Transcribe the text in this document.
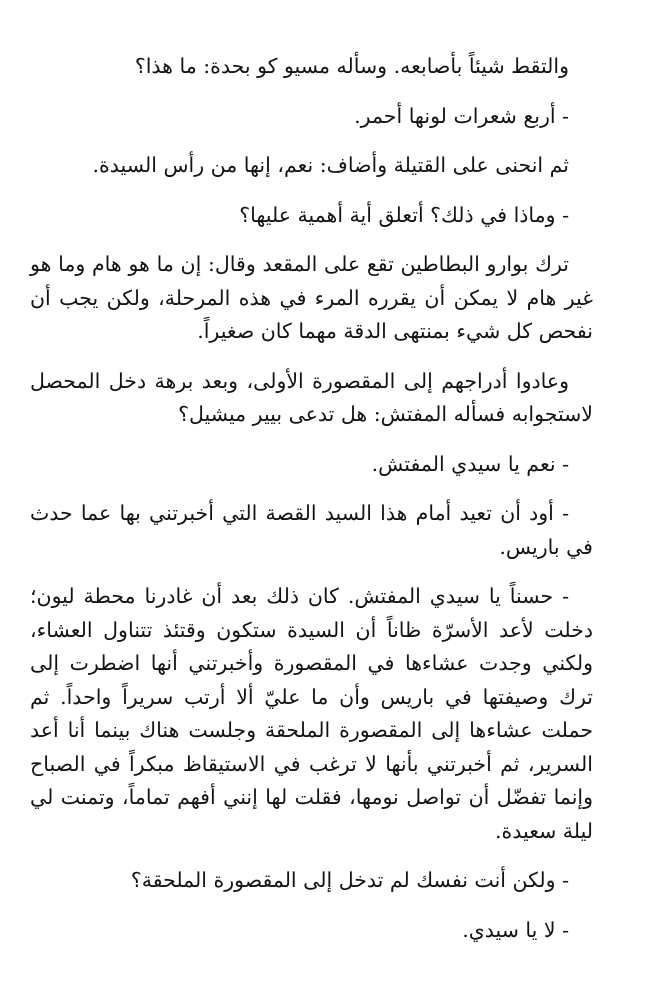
والتقط شيئاً بأصابعه. وسأله مسيو كو بحدة: ما هذا؟

- أربع شعرات لونها أحمر.

ثم انحنى على القتيلة وأضاف: نعم، إنها من رأس السيدة.

- وماذا في ذلك؟ أتعلق أية أهمية عليها؟

ترك بوارو البطاطين تقع على المقعد وقال: إن ما هو هام وما هو غير هام لا يمكن أن يقرره المرء في هذه المرحلة، ولكن يجب أن نفحص كل شيء بمنتهى الدقة مهما كان صغيراً.

وعادوا أدراجهم إلى المقصورة الأولى، وبعد برهة دخل المحصل لاستجوابه فسأله المفتش: هل تدعى بيير ميشيل؟

- نعم يا سيدي المفتش.

- أود أن تعيد أمام هذا السيد القصة التي أخبرتني بها عما حدث في باريس.

- حسناً يا سيدي المفتش. كان ذلك بعد أن غادرنا محطة ليون؛ دخلت لأعد الأسرّة ظاناً أن السيدة ستكون وقتئذ تتناول العشاء، ولكني وجدت عشاءها في المقصورة وأخبرتني أنها اضطرت إلى ترك وصيفتها في باريس وأن ما عليّ ألا أرتب سريراً واحداً. ثم حملت عشاءها إلى المقصورة الملحقة وجلست هناك بينما أنا أعد السرير، ثم أخبرتني بأنها لا ترغب في الاستيقاظ مبكراً في الصباح وإنما تفضّل أن تواصل نومها، فقلت لها إنني أفهم تماماً، وتمنت لي ليلة سعيدة.

- ولكن أنت نفسك لم تدخل إلى المقصورة الملحقة؟

- لا يا سيدي.
